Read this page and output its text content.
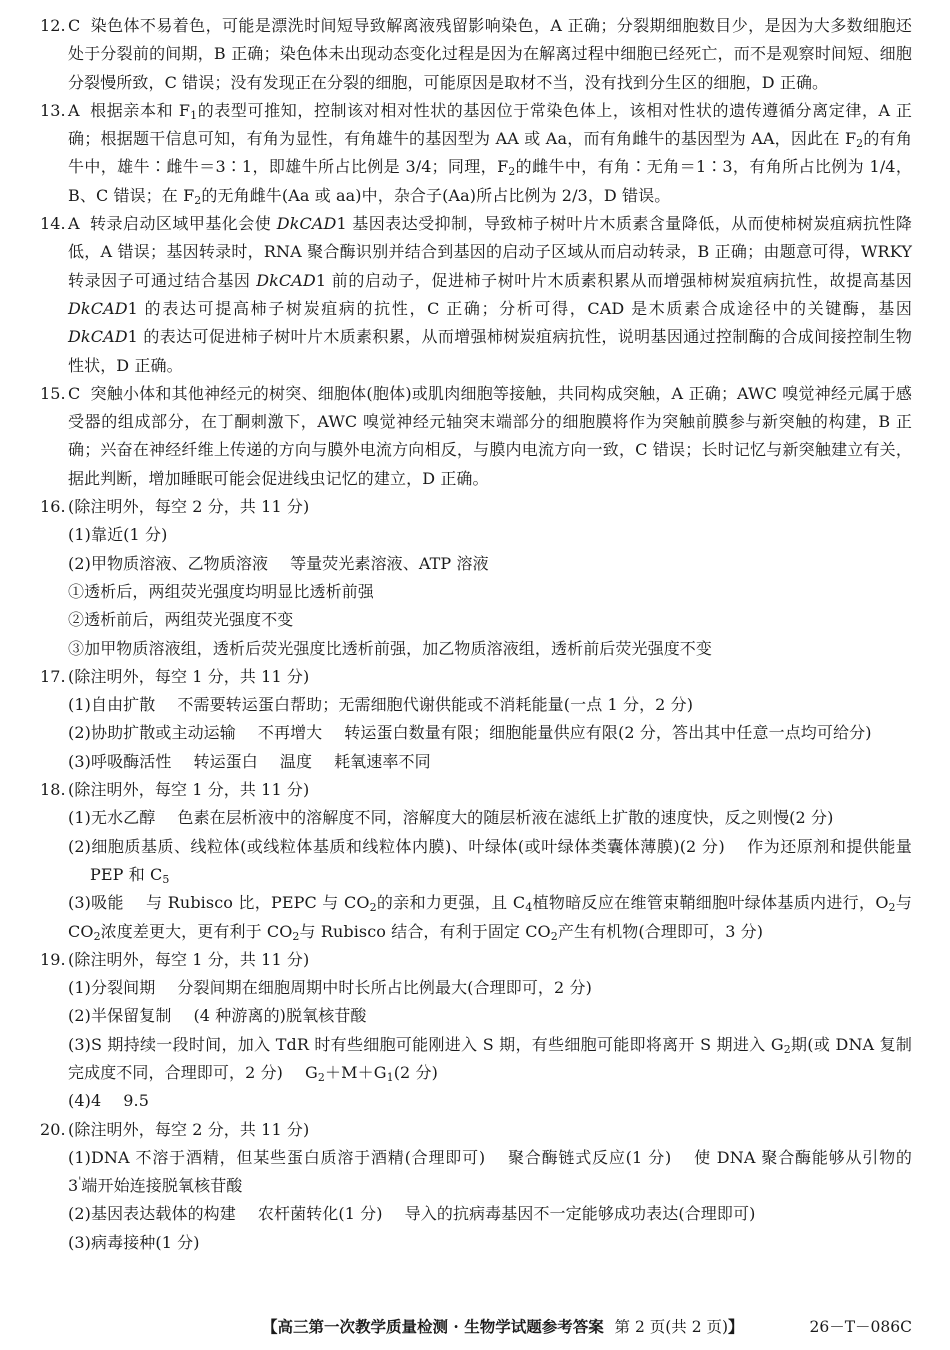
12. C 染色体不易着色，可能是漂洗时间短导致解离液残留影响染色，A 正确；分裂期细胞数目少，是因为大多数细胞还处于分裂前的间期，B 正确；染色体未出现动态变化过程是因为在解离过程中细胞已经死亡，而不是观察时间短、细胞分裂慢所致，C 错误；没有发现正在分裂的细胞，可能原因是取材不当，没有找到分生区的细胞，D 正确。
13. A 根据亲本和 $F_1$的表型可推知，控制该对相对性状的基因位于常染色体上，该相对性状的遗传遵循分离定律，A 正确；根据题干信息可知，有角为显性，有角雄牛的基因型为 AA 或 Aa，而有角雌牛的基因型为 AA，因此在 $F_2$的有角牛中，雄牛∶雌牛＝3∶1，即雄牛所占比例是 3/4；同理，$F_2$的雌牛中，有角∶无角＝1∶3，有角所占比例为 1/4，B、C 错误；在 $F_2$的无角雌牛(Aa 或 aa)中，杂合子(Aa)所占比例为 2/3，D 错误。
14. A 转录启动区域甲基化会使 DkCAD1 基因表达受抑制，导致柿子树叶片木质素含量降低，从而使柿树炭疽病抗性降低，A 错误；基因转录时，RNA 聚合酶识别并结合到基因的启动子区域从而启动转录，B 正确；由题意可得，WRKY 转录因子可通过结合基因 DkCAD1 前的启动子，促进柿子树叶片木质素积累从而增强柿树炭疽病抗性，故提高基因 DkCAD1 的表达可提高柿子树炭疽病的抗性，C 正确；分析可得，CAD 是木质素合成途径中的关键酶，基因 DkCAD1 的表达可促进柿子树叶片木质素积累，从而增强柿树炭疽病抗性，说明基因通过控制酶的合成间接控制生物性状，D 正确。
15. C 突触小体和其他神经元的树突、细胞体(胞体)或肌肉细胞等接触，共同构成突触，A 正确；AWC 嗅觉神经元属于感受器的组成部分，在丁酮刺激下，AWC 嗅觉神经元轴突末端部分的细胞膜将作为突触前膜参与新突触的构建，B 正确；兴奋在神经纤维上传递的方向与膜外电流方向相反，与膜内电流方向一致，C 错误；长时记忆与新突触建立有关，据此判断，增加睡眠可能会促进线虫记忆的建立，D 正确。
16. (除注明外，每空 2 分，共 11 分)
(1)靠近(1 分)
(2)甲物质溶液、乙物质溶液 等量荧光素溶液、ATP 溶液
①透析后，两组荧光强度均明显比透析前强
②透析前后，两组荧光强度不变
③加甲物质溶液组，透析后荧光强度比透析前强，加乙物质溶液组，透析前后荧光强度不变
17. (除注明外，每空 1 分，共 11 分)
(1)自由扩散 不需要转运蛋白帮助；无需细胞代谢供能或不消耗能量(一点 1 分，2 分)
(2)协助扩散或主动运输 不再增大 转运蛋白数量有限；细胞能量供应有限(2 分，答出其中任意一点均可给分)
(3)呼吸酶活性 转运蛋白 温度 耗氧速率不同
18. (除注明外，每空 1 分，共 11 分)
(1)无水乙醇 色素在层析液中的溶解度不同，溶解度大的随层析液在滤纸上扩散的速度快，反之则慢(2 分)
(2)细胞质基质、线粒体(或线粒体基质和线粒体内膜)、叶绿体(或叶绿体类囊体薄膜)(2 分) 作为还原剂和提供能量PEP 和 $C_5$
(3)吸能 与 Rubisco 比，PEPC 与 $CO_2$的亲和力更强，且 $C_4$植物暗反应在维管束鞘细胞叶绿体基质内进行，$O_2$与 $CO_2$浓度差更大，更有利于 $CO_2$与 Rubisco 结合，有利于固定 $CO_2$产生有机物(合理即可，3 分)
19. (除注明外，每空 1 分，共 11 分)
(1)分裂间期 分裂间期在细胞周期中时长所占比例最大(合理即可，2 分)
(2)半保留复制 (4 种游离的)脱氧核苷酸
(3)S 期持续一段时间，加入 TdR 时有些细胞可能刚进入 S 期，有些细胞可能即将离开 S 期进入 $G_2$期(或 DNA 复制完成度不同，合理即可，2 分) $G_2+M+G_1(2$ 分)
(4)4 9.5
20. (除注明外，每空 2 分，共 11 分)
(1)DNA 不溶于酒精，但某些蛋白质溶于酒精(合理即可) 聚合酶链式反应(1 分) 使 DNA 聚合酶能够从引物的 3'端开始连接脱氧核苷酸
(2)基因表达载体的构建 农杆菌转化(1 分) 导入的抗病毒基因不一定能够成功表达(合理即可)
(3)病毒接种(1 分)
【高三第一次教学质量检测 · 生物学试题参考答案 第 2 页(共 2 页)】	26－T－086C
